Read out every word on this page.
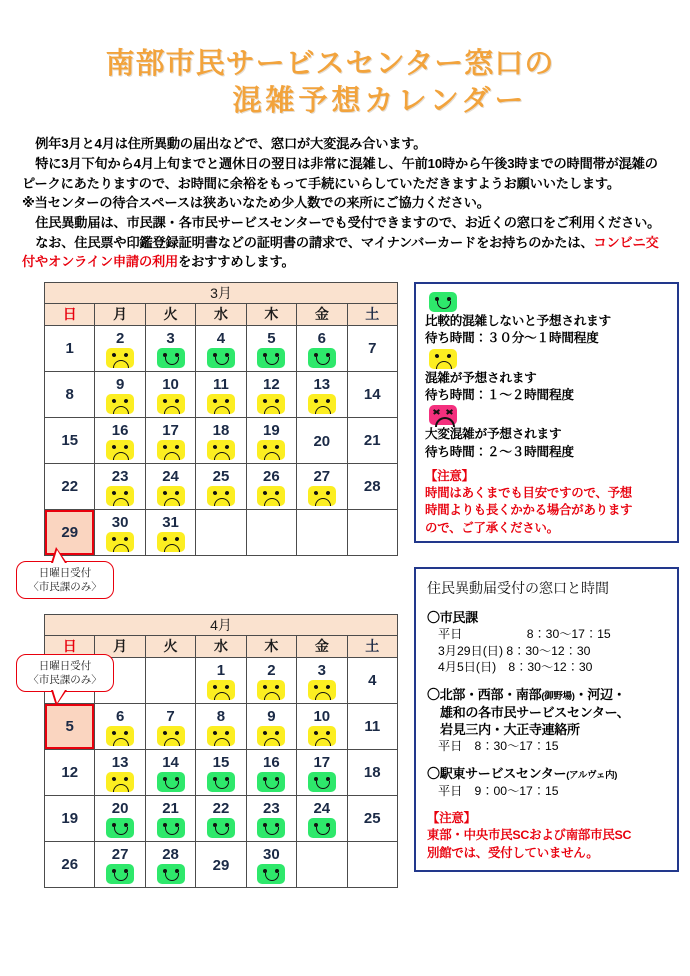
南部市民サービスセンター窓口の
混雑予想カレンダー

例年3月と4月は住所異動の届出などで、窓口が大変混み合います。

特に3月下旬から4月上旬までと週休日の翌日は非常に混雑し、午前10時から午後3時までの時間帯が混雑のピークにあたりますので、お時間に余裕をもって手続にいらしていただきますようお願いいたします。

※当センターの待合スペースは狭あいなため少人数での来所にご協力ください。

住民異動届は、市民課・各市民サービスセンターでも受付できますので、お近くの窓口をご利用ください。

なお、住民票や印鑑登録証明書などの証明書の請求で、マイナンバーカードをお持ちのかたは、コンビニ交付やオンライン申請の利用をおすすめします。

3月						
日	月	火	水	木	金	土

1	2	3	4	5	6	7

8	9	10	11	12	13	14

15	16	17	18	19	20	21

22	23	24	25	26	27	28

29	30	31				

日曜日受付
〈市民課のみ〉
4月						
日	月	火	水	木	金	土

			1	2	3	4

5	6	7	8	9	10	11

12	13	14	15	16	17	18

19	20	21	22	23	24	25

26	27	28	29	30		

日曜日受付
〈市民課のみ〉
比較的混雑しないと予想されます
待ち時間：３０分～１時間程度
混雑が予想されます
待ち時間：１～２時間程度
大変混雑が予想されます
待ち時間：２～３時間程度
【注意】
時間はあくまでも目安ですので、予想
時間よりも長くかかる場合があります
ので、ご了承ください。
住民異動届受付の窓口と時間
〇市民課
平日　　　　　 8：30～17：15
3月29日(日) 8：30～12：30
4月5日(日)　8：30～12：30
〇北部・西部・南部(御野場)・河辺・
雄和の各市民サービスセンター、
岩見三内・大正寺連絡所
平日　8：30～17：15
〇駅東サービスセンター(アルヴェ内)
平日　9：00～17：15
【注意】
東部・中央市民SCおよび南部市民SC
別館では、受付していません。
